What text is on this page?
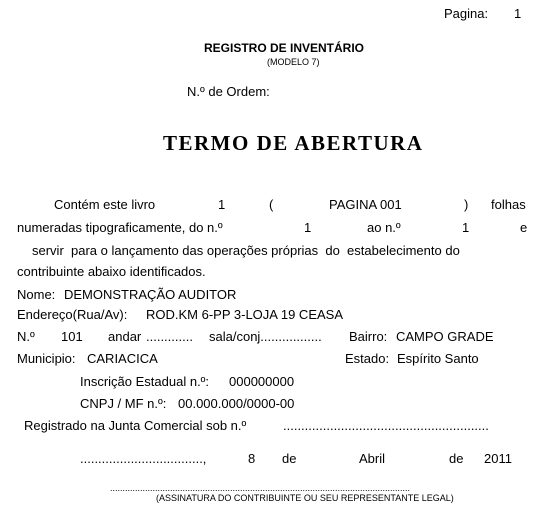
Pagina: 1
REGISTRO DE INVENTÁRIO
(MODELO 7)
N.º de Ordem:
TERMO DE ABERTURA
Contém este livro	1	(	PAGINA 001	) folhas
numeradas tipograficamente, do n.º	1	ao n.º	1	e
servir  para o lançamento das operações próprias  do  estabelecimento do
contribuinte abaixo identificados.
Nome: DEMONSTRAÇÃO AUDITOR
Endereço(Rua/Av): ROD.KM 6-PP 3-LOJA 19 CEASA
N.º 101 andar ............. sala/conj................. Bairro: CAMPO GRADE
Municipio: CARIACICA	Estado: Espírito Santo
Inscrição Estadual n.º: 000000000
CNPJ / MF n.º: 00.000.000/0000-00
Registrado na Junta Comercial sob n.º	.........................................................
..................................,	8 de	Abril	de 2011
........................................................................................................................
(ASSINATURA DO CONTRIBUINTE OU SEU REPRESENTANTE LEGAL)
